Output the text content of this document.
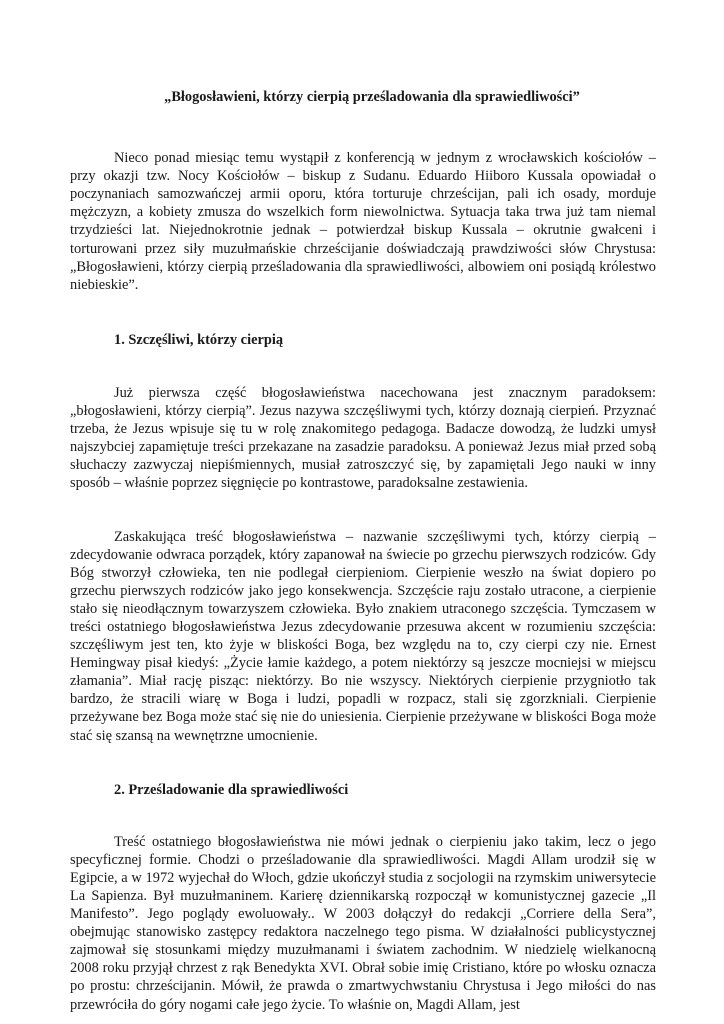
„Błogosławieni, którzy cierpią prześladowania dla sprawiedliwości”

Nieco ponad miesiąc temu wystąpił z konferencją w jednym z wrocławskich kościołów – przy okazji tzw. Nocy Kościołów – biskup z Sudanu. Eduardo Hiiboro Kussala opowiadał o poczynaniach samozwańczej armii oporu, która torturuje chrześcijan, pali ich osady, morduje mężczyzn, a kobiety zmusza do wszelkich form niewolnictwa. Sytuacja taka trwa już tam niemal trzydzieści lat. Niejednokrotnie jednak – potwierdzał biskup Kussala – okrutnie gwałceni i torturowani przez siły muzułmańskie chrześcijanie doświadczają prawdziwości słów Chrystusa: „Błogosławieni, którzy cierpią prześladowania dla sprawiedliwości, albowiem oni posiądą królestwo niebieskie”.

1. Szczęśliwi, którzy cierpią

Już pierwsza część błogosławieństwa nacechowana jest znacznym paradoksem: „błogosławieni, którzy cierpią”. Jezus nazywa szczęśliwymi tych, którzy doznają cierpień. Przyznać trzeba, że Jezus wpisuje się tu w rolę znakomitego pedagoga. Badacze dowodzą, że ludzki umysł najszybciej zapamiętuje treści przekazane na zasadzie paradoksu. A ponieważ Jezus miał przed sobą słuchaczy zazwyczaj niepiśmiennych, musiał zatroszczyć się, by zapamiętali Jego nauki w inny sposób – właśnie poprzez sięgnięcie po kontrastowe, paradoksalne zestawienia.

Zaskakująca treść błogosławieństwa – nazwanie szczęśliwymi tych, którzy cierpią – zdecydowanie odwraca porządek, który zapanował na świecie po grzechu pierwszych rodziców. Gdy Bóg stworzył człowieka, ten nie podlegał cierpieniom. Cierpienie weszło na świat dopiero po grzechu pierwszych rodziców jako jego konsekwencja. Szczęście raju zostało utracone, a cierpienie stało się nieodłącznym towarzyszem człowieka. Było znakiem utraconego szczęścia. Tymczasem w treści ostatniego błogosławieństwa Jezus zdecydowanie przesuwa akcent w rozumieniu szczęścia: szczęśliwym jest ten, kto żyje w bliskości Boga, bez względu na to, czy cierpi czy nie. Ernest Hemingway pisał kiedyś: „Życie łamie każdego, a potem niektórzy są jeszcze mocniejsi w miejscu złamania”. Miał rację pisząc: niektórzy. Bo nie wszyscy. Niektórych cierpienie przygniotło tak bardzo, że stracili wiarę w Boga i ludzi, popadli w rozpacz, stali się zgorzkniali. Cierpienie przeżywane bez Boga może stać się nie do uniesienia. Cierpienie przeżywane w bliskości Boga może stać się szansą na wewnętrzne umocnienie.

2. Prześladowanie dla sprawiedliwości

Treść ostatniego błogosławieństwa nie mówi jednak o cierpieniu jako takim, lecz o jego specyficznej formie. Chodzi o prześladowanie dla sprawiedliwości. Magdi Allam urodził się w Egipcie, a w 1972 wyjechał do Włoch, gdzie ukończył studia z socjologii na rzymskim uniwersytecie La Sapienza. Był muzułmaninem. Karierę dziennikarską rozpoczął w komunistycznej gazecie „Il Manifesto”. Jego poglądy ewoluowały.. W 2003 dołączył do redakcji „Corriere della Sera”, obejmując stanowisko zastępcy redaktora naczelnego tego pisma. W działalności publicystycznej zajmował się stosunkami między muzułmanami i światem zachodnim. W niedzielę wielkanocną 2008 roku przyjął chrzest z rąk Benedykta XVI. Obrał sobie imię Cristiano, które po włosku oznacza po prostu: chrześcijanin. Mówił, że prawda o zmartwychwstaniu Chrystusa i Jego miłości do nas przewróciła do góry nogami całe jego życie. To właśnie on, Magdi Allam, jest
